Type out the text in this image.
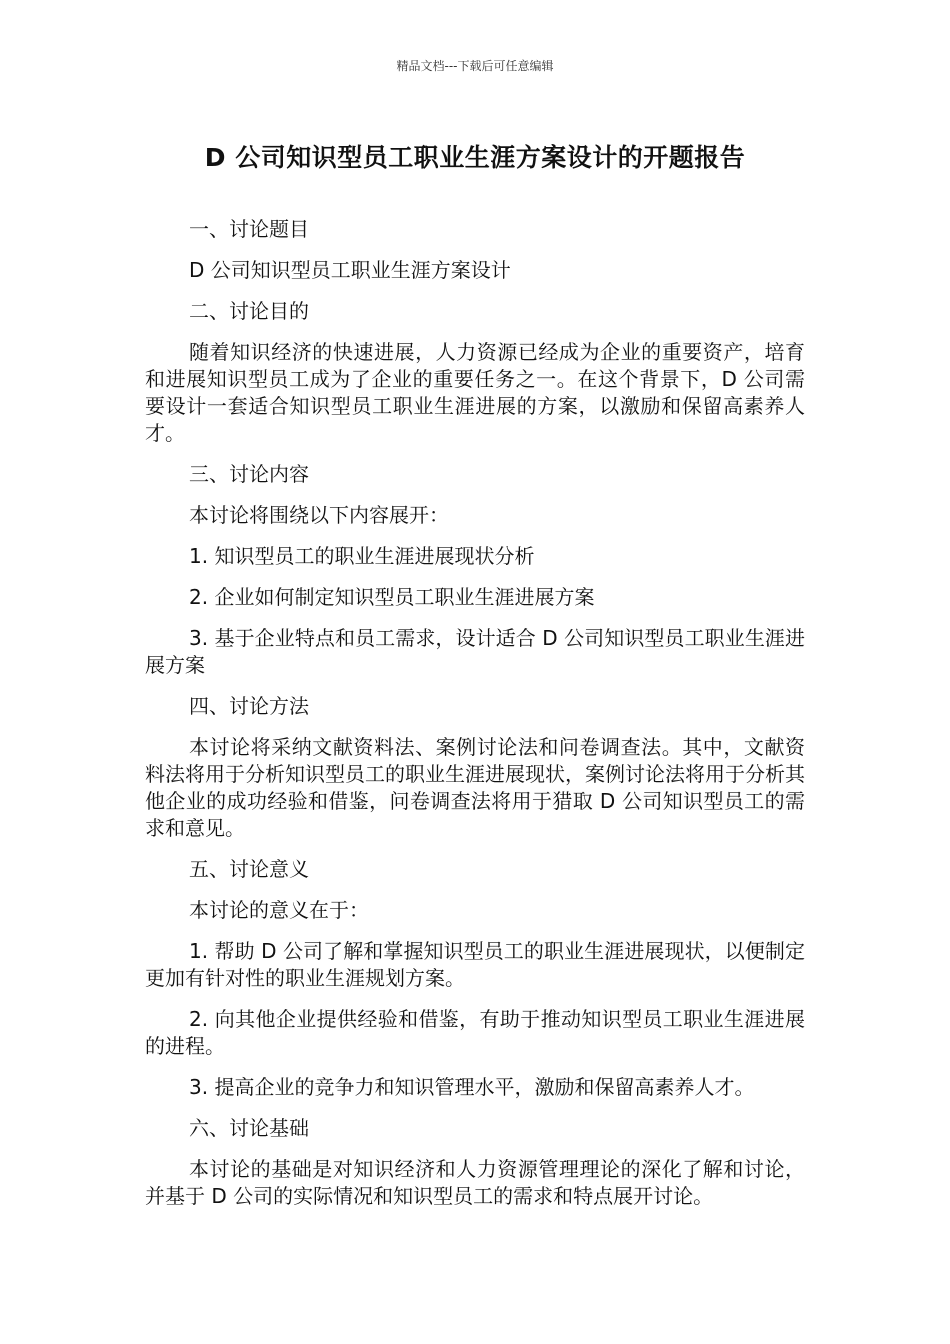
精品文档---下载后可任意编辑
D 公司知识型员工职业生涯方案设计的开题报告

一、讨论题目

D 公司知识型员工职业生涯方案设计

二、讨论目的

随着知识经济的快速进展，人力资源已经成为企业的重要资产，培育和进展知识型员工成为了企业的重要任务之一。在这个背景下，D 公司需要设计一套适合知识型员工职业生涯进展的方案，以激励和保留高素养人才。

三、讨论内容

本讨论将围绕以下内容展开：

1. 知识型员工的职业生涯进展现状分析

2. 企业如何制定知识型员工职业生涯进展方案

3. 基于企业特点和员工需求，设计适合 D 公司知识型员工职业生涯进展方案

四、讨论方法

本讨论将采纳文献资料法、案例讨论法和问卷调查法。其中，文献资料法将用于分析知识型员工的职业生涯进展现状，案例讨论法将用于分析其他企业的成功经验和借鉴，问卷调查法将用于猎取 D 公司知识型员工的需求和意见。

五、讨论意义

本讨论的意义在于：

1. 帮助 D 公司了解和掌握知识型员工的职业生涯进展现状，以便制定更加有针对性的职业生涯规划方案。

2. 向其他企业提供经验和借鉴，有助于推动知识型员工职业生涯进展的进程。

3. 提高企业的竞争力和知识管理水平，激励和保留高素养人才。

六、讨论基础

本讨论的基础是对知识经济和人力资源管理理论的深化了解和讨论，并基于 D 公司的实际情况和知识型员工的需求和特点展开讨论。
